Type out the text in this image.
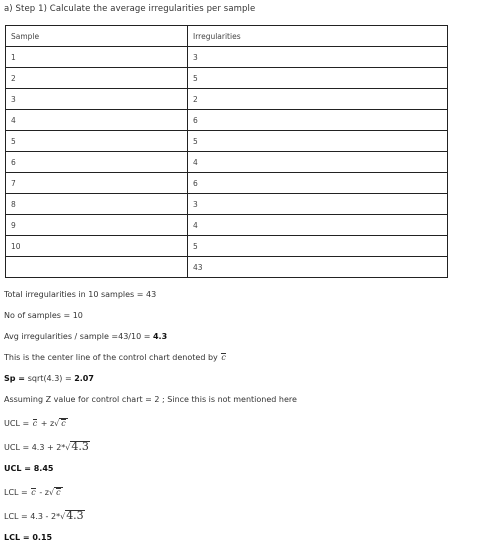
a) Step 1) Calculate the average irregularities per sample
Sample	Irregularities
1	3
2	5
3	2
4	6
5	5
6	4
7	6
8	3
9	4
10	5
	43
Total irregularities in 10 samples = 43
No of samples = 10
Avg irregularities / sample =43/10 = 4.3
This is the center line of the control chart denoted by c
Sp = sqrt(4.3) = 2.07
Assuming Z value for control chart = 2 ; Since this is not mentioned here
UCL = c + z√ c
UCL = 4.3 + 2*√4.3
UCL = 8.45
LCL = c - z√ c
LCL = 4.3 - 2*√4.3
LCL = 0.15
